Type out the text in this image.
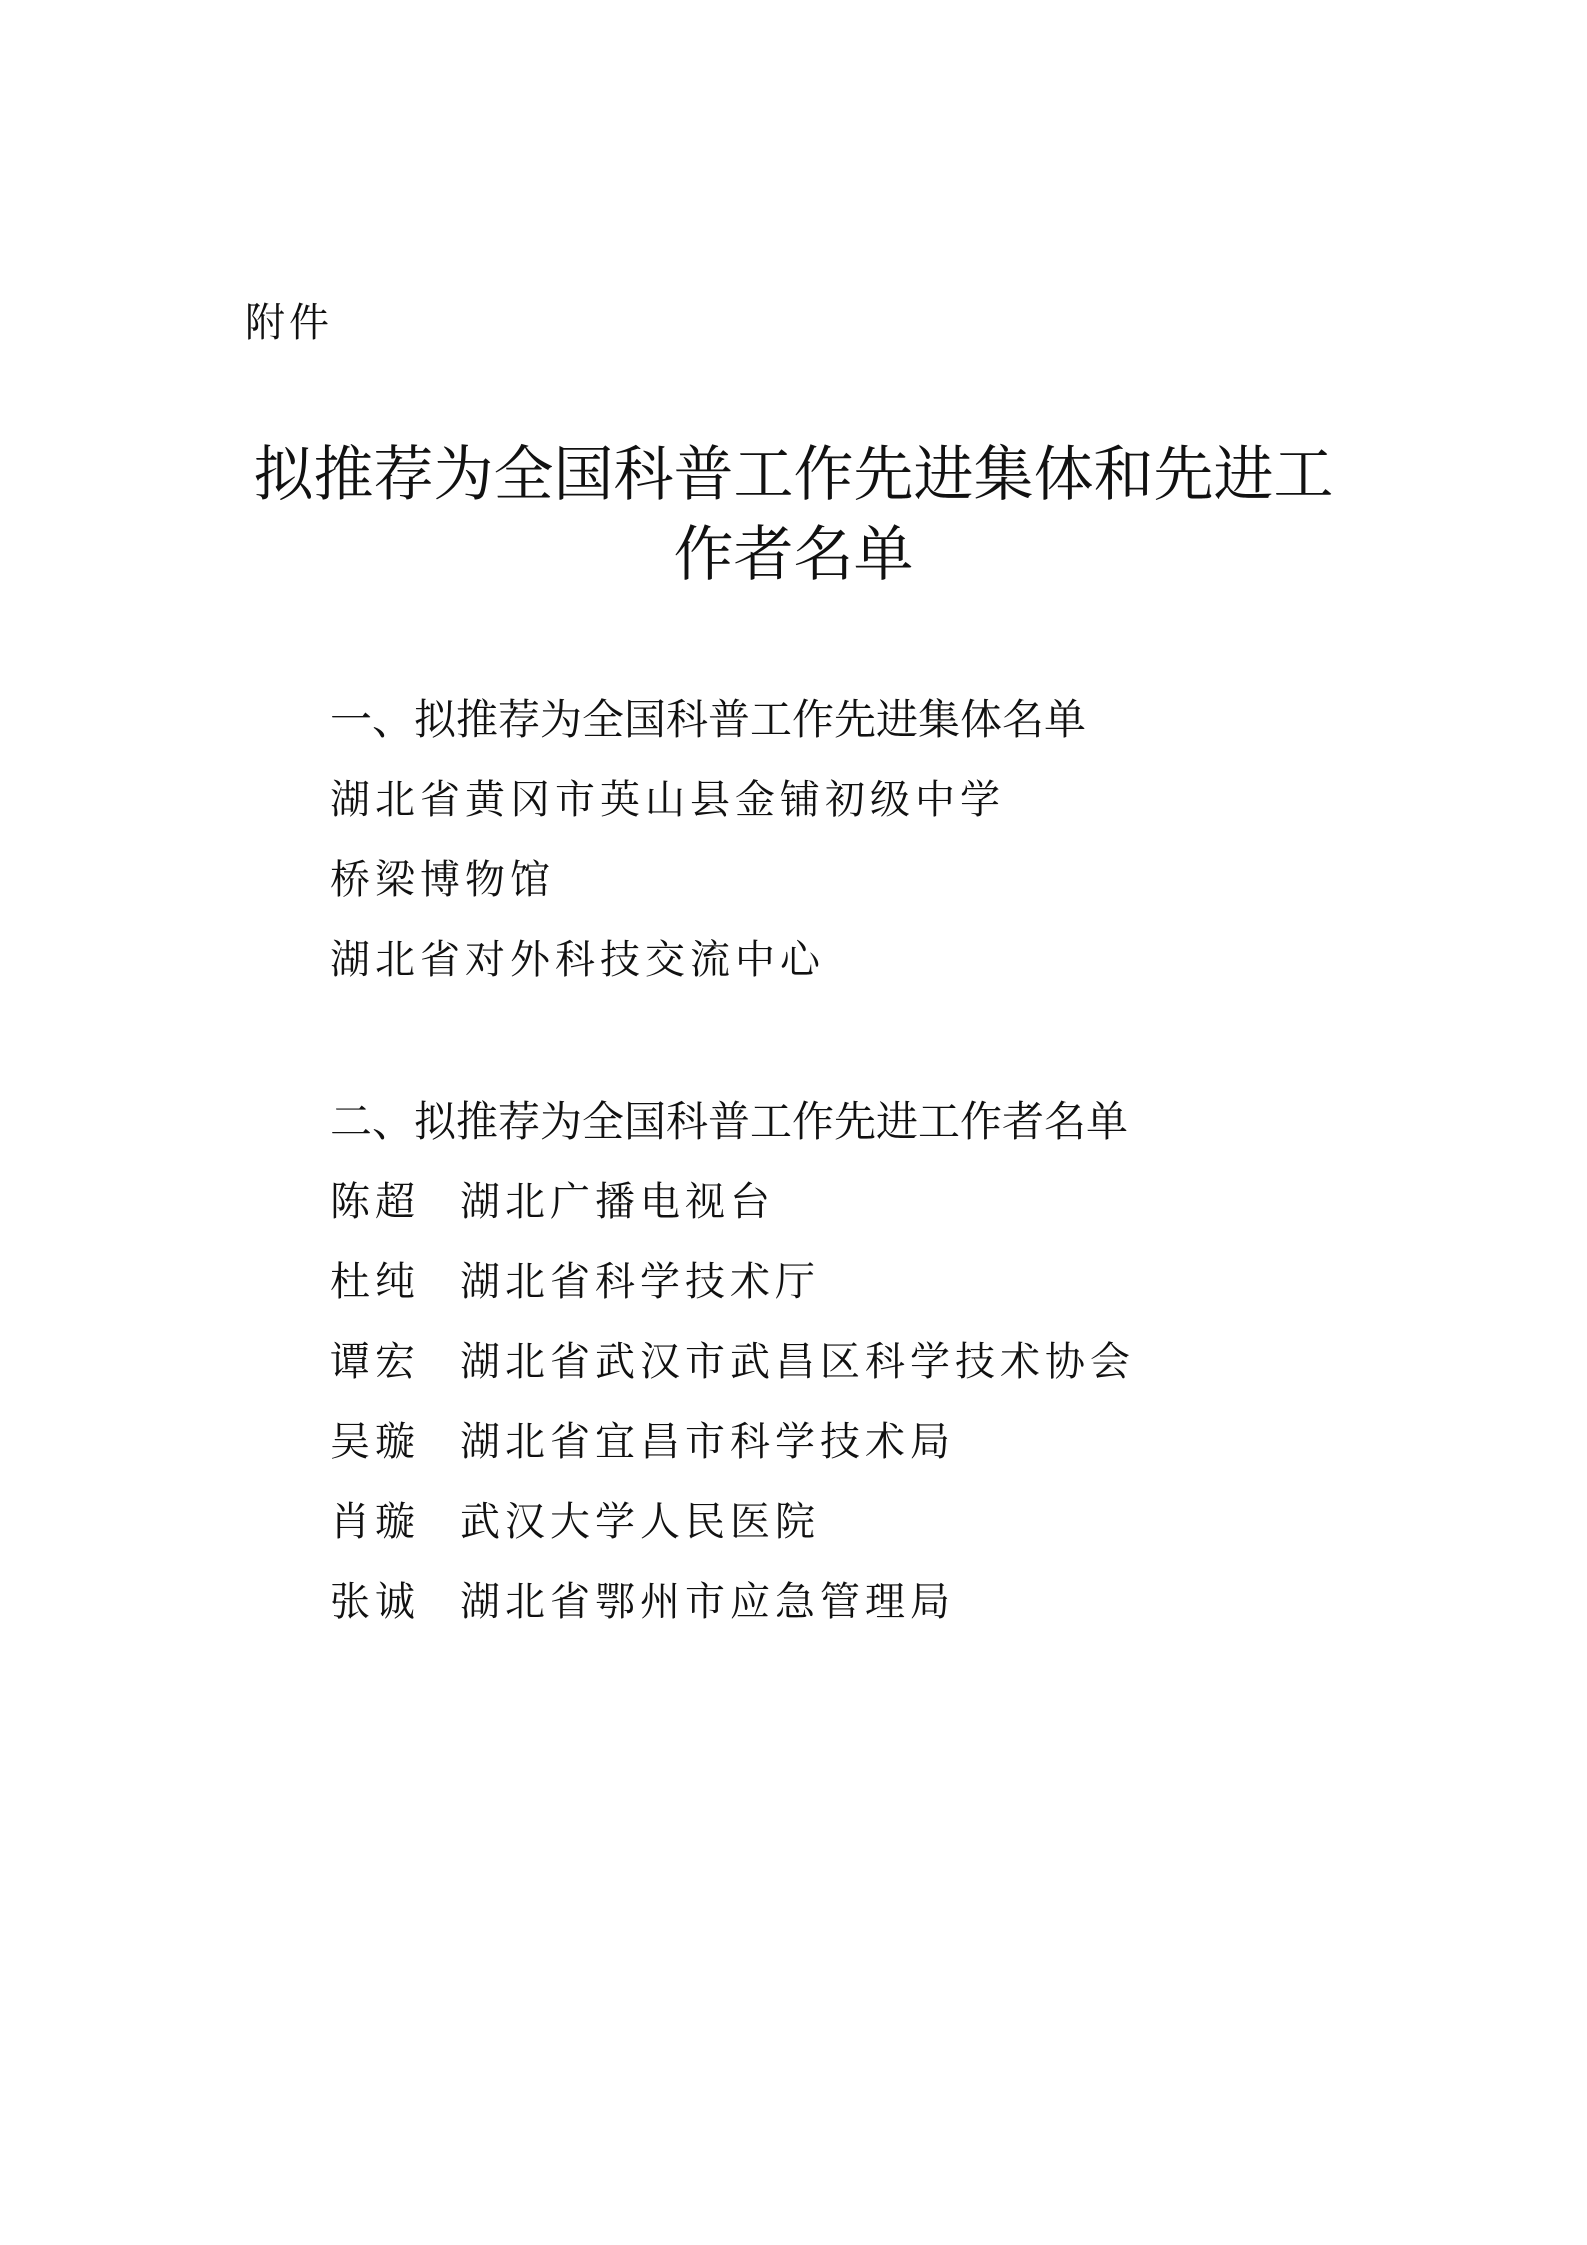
附件
拟推荐为全国科普工作先进集体和先进工
作者名单
一、拟推荐为全国科普工作先进集体名单
湖北省黄冈市英山县金铺初级中学
桥梁博物馆
湖北省对外科技交流中心
二、拟推荐为全国科普工作先进工作者名单
陈超 湖北广播电视台
杜纯 湖北省科学技术厅
谭宏 湖北省武汉市武昌区科学技术协会
吴璇 湖北省宜昌市科学技术局
肖璇 武汉大学人民医院
张诚 湖北省鄂州市应急管理局
